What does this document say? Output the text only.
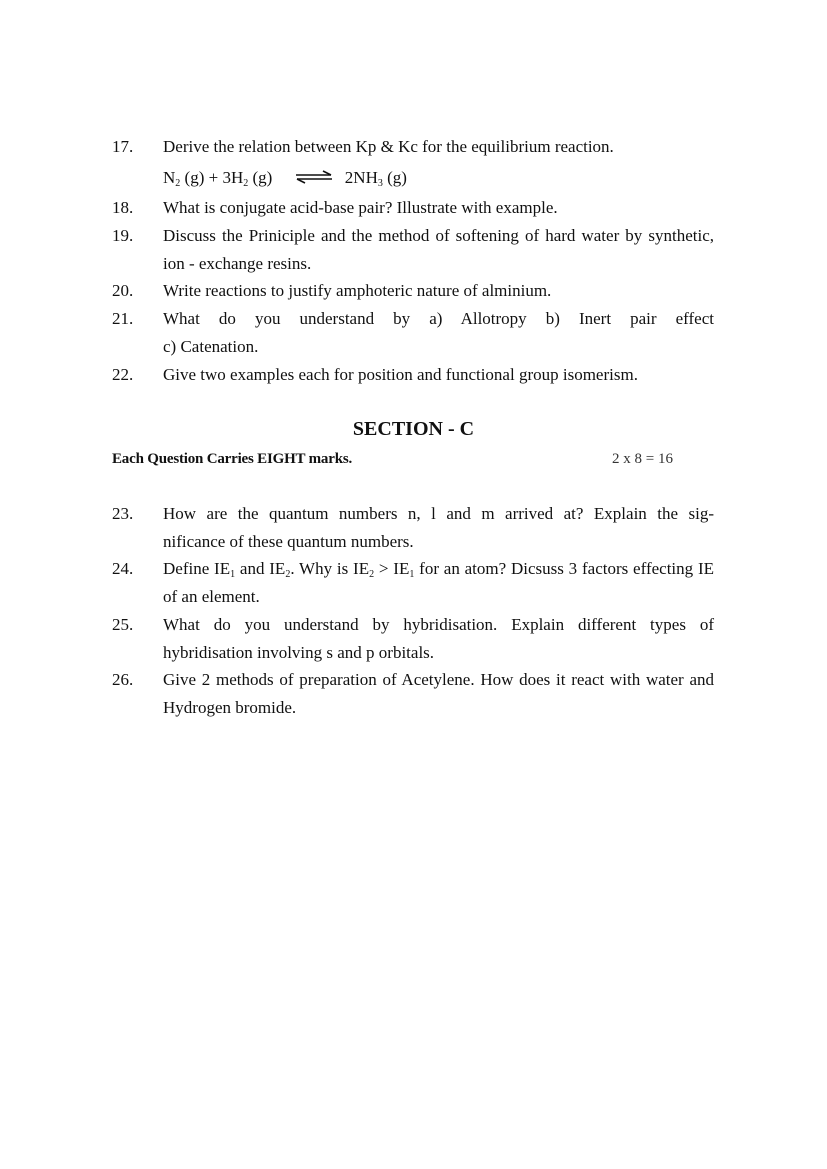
17.	Derive the relation between Kp & Kc for the equilibrium reaction.
$N_2$ $(g) + 3H_2$ (g) ⇌ $2NH_3$ (g)
18.	What is conjugate acid-base pair? Illustrate with example.
19.	Discuss the Priniciple and the method of softening of hard water by synthetic, ion - exchange resins.
20.	Write reactions to justify amphoteric nature of alminium.
21.	What do you understand by a) Allotropy b) Inert pair effect
c) Catenation.
22.	Give two examples each for position and functional group isomerism.
SECTION - C
Each Question Carries EIGHT marks.	2 x 8 = 16
23.	How are the quantum numbers n, l and m arrived at? Explain the sig-
nificance of these quantum numbers.
24.	Define $IE_1$ and $IE_2$. Why is $IE_2 > IE_1$ for an atom? Dicsuss 3 factors effecting IE of an element.
25.	What do you understand by hybridisation. Explain different types of hybridisation involving s and p orbitals.
26.	Give 2 methods of preparation of Acetylene. How does it react with water and Hydrogen bromide.
